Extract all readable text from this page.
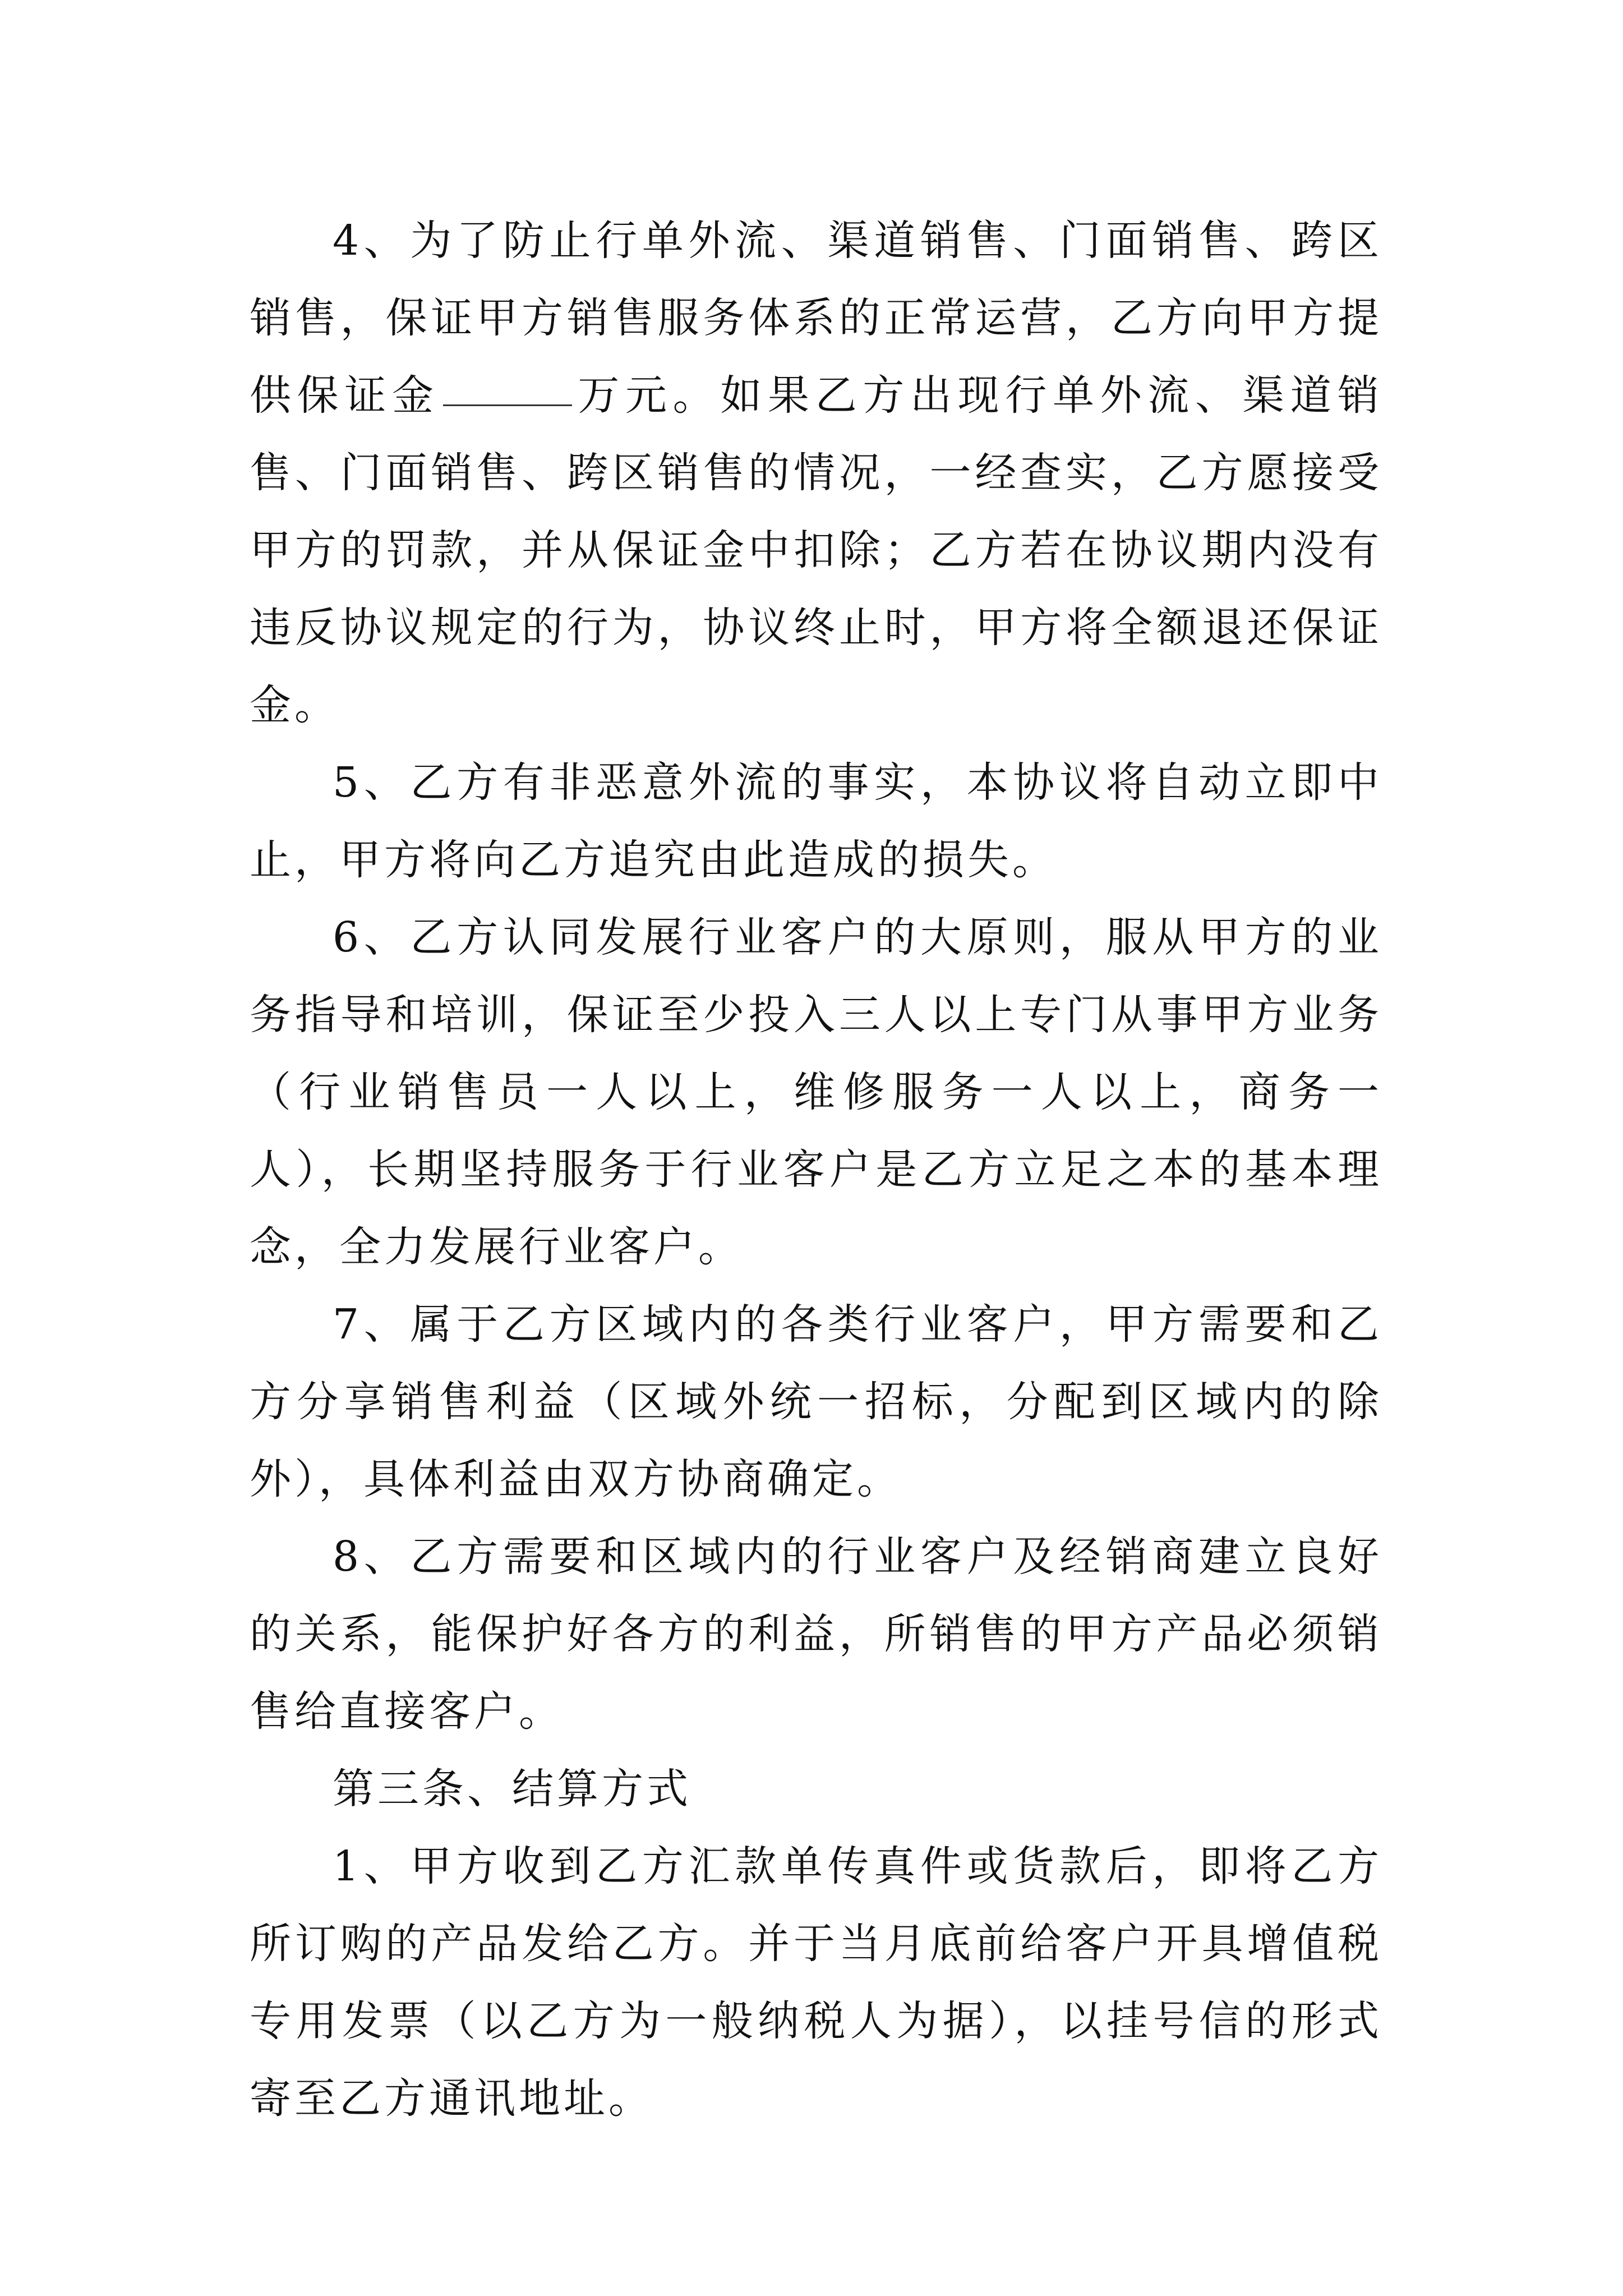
4、为了防止行单外流、渠道销售、门面销售、跨区销售，保证甲方销售服务体系的正常运营，乙方向甲方提供保证金	万元。如果乙方出现行单外流、渠道销售、门面销售、跨区销售的情况，一经查实，乙方愿接受甲方的罚款，并从保证金中扣除；乙方若在协议期内没有违反协议规定的行为，协议终止时，甲方将全额退还保证金。

5、乙方有非恶意外流的事实，本协议将自动立即中止，甲方将向乙方追究由此造成的损失。

6、乙方认同发展行业客户的大原则，服从甲方的业务指导和培训，保证至少投入三人以上专门从事甲方业务（行业销售员一人以上，维修服务一人以上，商务一人），长期坚持服务于行业客户是乙方立足之本的基本理念，全力发展行业客户。

7、属于乙方区域内的各类行业客户，甲方需要和乙方分享销售利益（区域外统一招标，分配到区域内的除外），具体利益由双方协商确定。

8、乙方需要和区域内的行业客户及经销商建立良好的关系，能保护好各方的利益，所销售的甲方产品必须销售给直接客户。

第三条、结算方式

1、甲方收到乙方汇款单传真件或货款后，即将乙方所订购的产品发给乙方。并于当月底前给客户开具增值税专用发票（以乙方为一般纳税人为据），以挂号信的形式寄至乙方通讯地址。
